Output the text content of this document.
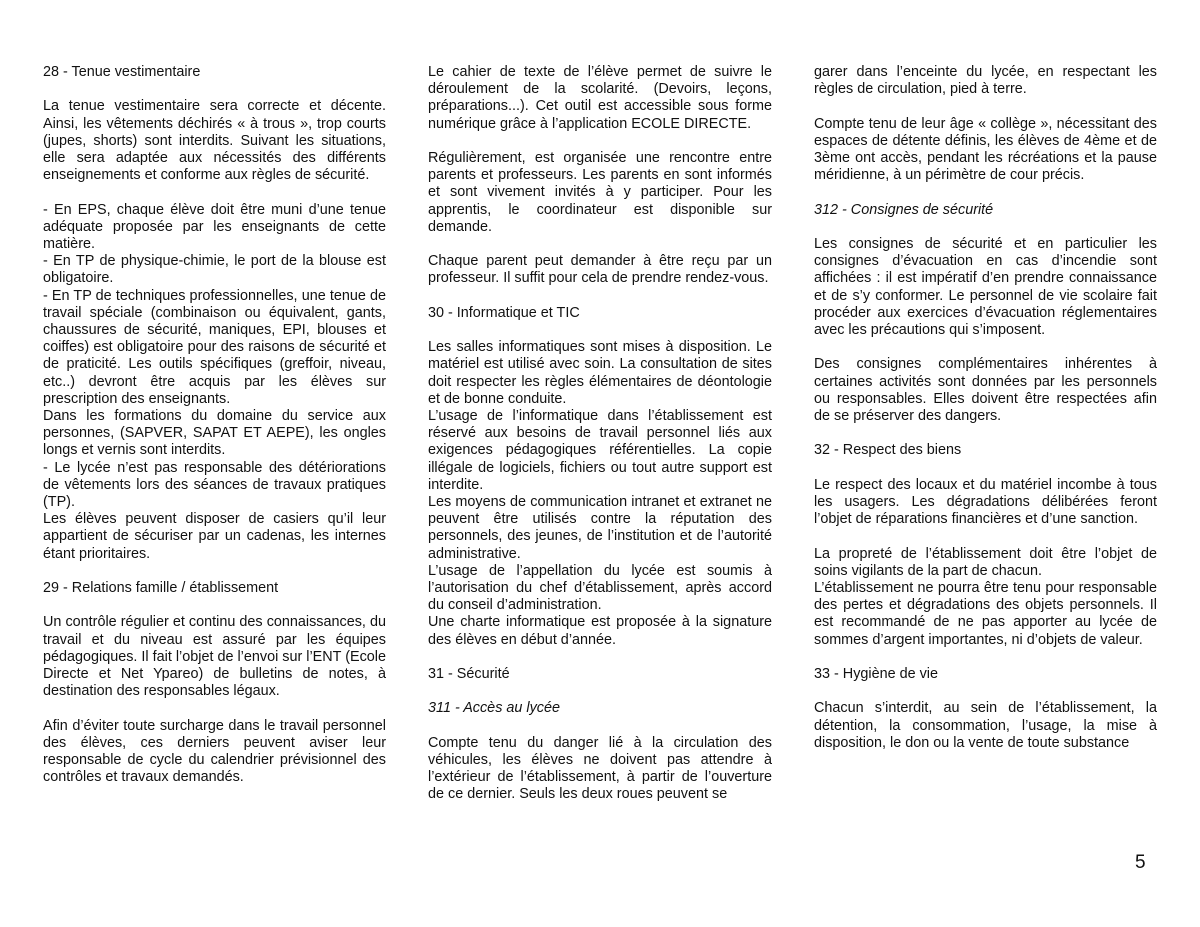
28 - Tenue vestimentaire
La tenue vestimentaire sera correcte et décente. Ainsi, les vêtements déchirés « à trous », trop courts (jupes, shorts) sont interdits. Suivant les situations, elle sera adaptée aux nécessités des différents enseignements et conforme aux règles de sécurité.
- En EPS, chaque élève doit être muni d’une tenue adéquate proposée par les enseignants de cette matière.
- En TP de physique-chimie, le port de la blouse est obligatoire.
- En TP de techniques professionnelles, une tenue de travail spéciale (combinaison ou équivalent, gants, chaussures de sécurité, maniques, EPI, blouses et coiffes) est obligatoire pour des raisons de sécurité et de praticité. Les outils spécifiques (greffoir, niveau, etc..) devront être acquis par les élèves sur prescription des enseignants.
Dans les formations du domaine du service aux personnes, (SAPVER, SAPAT ET AEPE), les ongles longs et vernis sont interdits.
- Le lycée n’est pas responsable des détériorations de vêtements lors des séances de travaux pratiques (TP).
Les élèves peuvent disposer de casiers qu’il leur appartient de sécuriser par un cadenas, les internes étant prioritaires.
29 - Relations famille / établissement
Un contrôle régulier et continu des connaissances, du travail et du niveau est assuré par les équipes pédagogiques. Il fait l’objet de l’envoi sur l’ENT (Ecole Directe et Net Ypareo) de bulletins de notes, à destination des responsables légaux.
Afin d’éviter toute surcharge dans le travail personnel des élèves, ces derniers peuvent aviser leur responsable de cycle du calendrier prévisionnel des contrôles et travaux demandés.
Le cahier de texte de l’élève permet de suivre le déroulement de la scolarité. (Devoirs, leçons, préparations...). Cet outil est accessible sous forme numérique grâce à l’application ECOLE DIRECTE.
Régulièrement, est organisée une rencontre entre parents et professeurs. Les parents en sont informés et sont vivement invités à y participer. Pour les apprentis, le coordinateur est disponible sur demande.
Chaque parent peut demander à être reçu par un professeur. Il suffit pour cela de prendre rendez-vous.
30 - Informatique et TIC
Les salles informatiques sont mises à disposition. Le matériel est utilisé avec soin. La consultation de sites doit respecter les règles élémentaires de déontologie et de bonne conduite.
L’usage de l’informatique dans l’établissement est réservé aux besoins de travail personnel liés aux exigences pédagogiques référentielles. La copie illégale de logiciels, fichiers ou tout autre support est interdite.
Les moyens de communication intranet et extranet ne peuvent être utilisés contre la réputation des personnels, des jeunes, de l’institution et de l’autorité administrative.
L’usage de l’appellation du lycée est soumis à l’autorisation du chef d’établissement, après accord du conseil d’administration.
Une charte informatique est proposée à la signature des élèves en début d’année.
31 - Sécurité
311 - Accès au lycée
Compte tenu du danger lié à la circulation des véhicules, les élèves ne doivent pas attendre à l’extérieur de l’établissement, à partir de l’ouverture de ce dernier. Seuls les deux roues peuvent se
garer dans l’enceinte du lycée, en respectant les règles de circulation, pied à terre.
Compte tenu de leur âge « collège », nécessitant des espaces de détente définis, les élèves de 4ème et de 3ème ont accès, pendant les récréations et la pause méridienne, à un périmètre de cour précis.
312 - Consignes de sécurité
Les consignes de sécurité et en particulier les consignes d’évacuation en cas d’incendie sont affichées : il est impératif d’en prendre connaissance et de s’y conformer. Le personnel de vie scolaire fait procéder aux exercices d’évacuation réglementaires avec les précautions qui s’imposent.
Des consignes complémentaires inhérentes à certaines activités sont données par les personnels ou responsables. Elles doivent être respectées afin de se préserver des dangers.
32 - Respect des biens
Le respect des locaux et du matériel incombe à tous les usagers. Les dégradations délibérées feront l’objet de réparations financières et d’une sanction.
La propreté de l’établissement doit être l’objet de soins vigilants de la part de chacun.
L’établissement ne pourra être tenu pour responsable des pertes et dégradations des objets personnels. Il est recommandé de ne pas apporter au lycée de sommes d’argent importantes, ni d’objets de valeur.
33 - Hygiène de vie
Chacun s’interdit, au sein de l’établissement, la détention, la consommation, l’usage, la mise à disposition, le don ou la vente de toute substance
5
